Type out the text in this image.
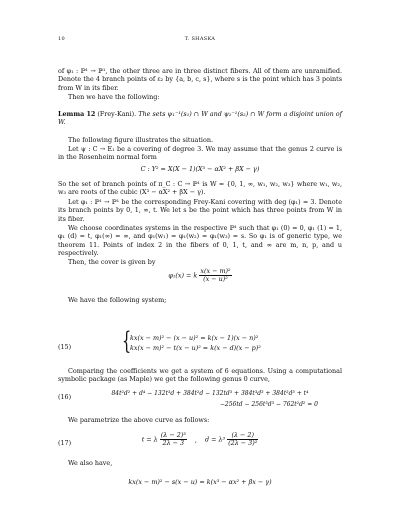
10	T. SHASKA
of φ₁ : ℙ¹ → ℙ¹, the other three are in three distinct fibers. All of them are unramified. Denote the 4 branch points of ε₂ by {a, b, c, s}, where s is the point which has 3 points from W in its fiber.
Then we have the following:
Lemma 12 (Frey-Kani). The sets ψ₁⁻¹(s₁) ∩ W and ψ₂⁻¹(s₂) ∩ W form a disjoint union of W.
The following figure illustrates the situation.
Let ψ : C → E₁ be a covering of degree 3. We may assume that the genus 2 curve is in the Rosenheim normal form
C : Y² = X(X − 1)(X³ − αX² + βX − γ)
So the set of branch points of π_C : C → ℙ¹ is W = {0, 1, ∞, w₁, w₂, w₃} where w₁, w₂, w₃ are roots of the cubic (X³ − αX² + βX − γ).
Let φ₁ : ℙ¹ → ℙ¹ be the corresponding Frey-Kani covering with deg (φ₁) = 3. Denote its branch points by 0, 1, ∞, t. We let s be the point which has three points from W in its fiber.
We choose coordinates systems in the respective ℙ¹ such that φ₁ (0) = 0, φ₁ (1) = 1, φ₁ (d) = t, φ₁(∞) = ∞, and φ₁(w₁) = φ₁(w₂) = φ₁(w₃) = s. So φ₁ is of generic type, we theorem 11. Points of index 2 in the fibers of 0, 1, t, and ∞ are m, n, p, and u respectively.
Then, the cover is given by
φ₁(x) = k $\frac{\text{x(x − m)²}}{\text{(x − u)²}}$
We have the following system;
(15) {
kx(x − m)² − (x − u)² = k(x − 1)(x − n)²
kx(x − m)² − t(x − u)² = k(x − d)(x − p)²
Comparing the coefficients we get a system of 6 equations. Using a computational symbolic package (as Maple) we get the following genus 0 curve,
(16)	84t²d² + d⁴ − 132t³d + 384t²d − 132td³ + 384t³d³ + 384t²d³ + t⁴
−256td − 256t³d³ − 762t²d² = 0
We parametrize the above curve as follows:
(17)	t = λ $\frac{\text{(λ − 2)³}}{2\lambda - 3}$ , $d = \lambda^3 \frac{(\lambda - 2)}{\text{(2λ − 3)²}}$
We also have,
kx(x − m)² − s(x − u) = k(x³ − αx² + βx − γ)
